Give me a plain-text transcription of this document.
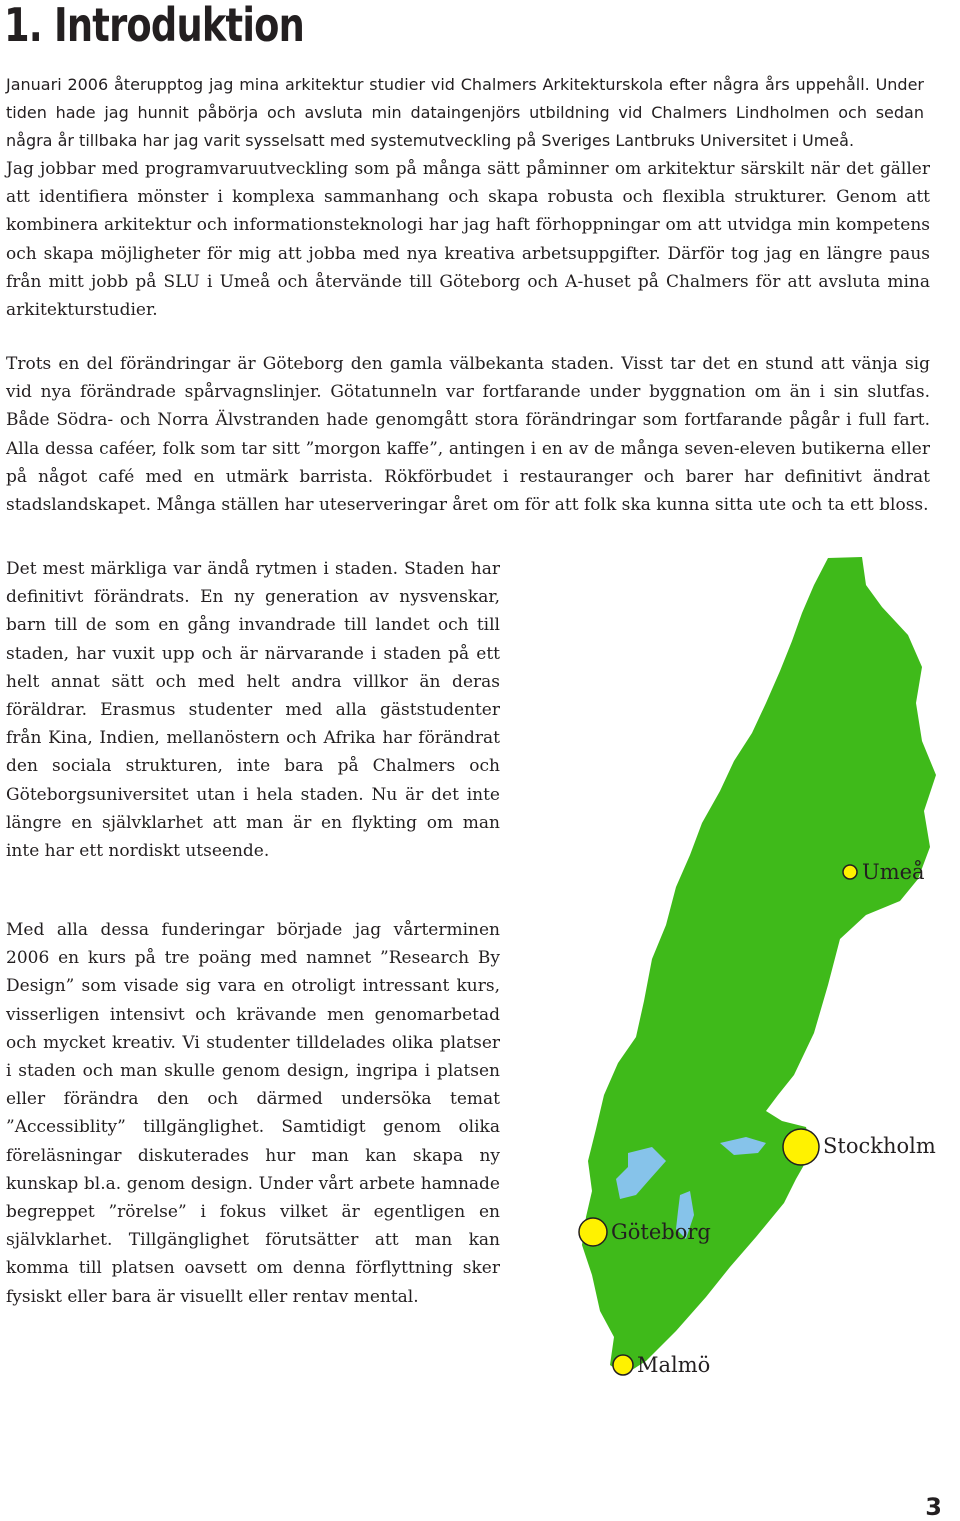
1. Introduktion

Januari 2006 återupptog jag mina arkitektur studier vid Chalmers Arkitekturskola efter några års uppehåll. Under tiden hade jag hunnit påbörja och avsluta min dataingenjörs utbildning vid Chalmers Lindholmen och sedan några år tillbaka har jag varit sysselsatt med systemutveckling på Sveriges Lantbruks Universitet i Umeå.

Jag jobbar med programvaruutveckling som på många sätt påminner om arkitektur särskilt när det gäller att identifiera mönster i komplexa sammanhang och skapa robusta och flexibla strukturer. Genom att kombinera arkitektur och informationsteknologi har jag haft förhoppningar om att utvidga min kompetens och skapa möjligheter för mig att jobba med nya kreativa arbetsuppgifter. Därför tog jag en längre paus från mitt jobb på SLU i Umeå och återvände till Göteborg och A-huset på Chalmers för att avsluta mina arkitekturstudier.

Trots en del förändringar är Göteborg den gamla välbekanta staden. Visst tar det en stund att vänja sig vid nya förändrade spårvagnslinjer. Götatunneln var fortfarande under byggnation om än i sin slutfas. Både Södra- och Norra Älvstranden hade genomgått stora förändringar som fortfarande pågår i full fart. Alla dessa caféer, folk som tar sitt ”morgon kaffe”, antingen i en av de många seven-eleven butikerna eller på något café med en utmärk barrista. Rökförbudet i restauranger och barer har definitivt ändrat stadslandskapet. Många ställen har uteserveringar året om för att folk ska kunna sitta ute och ta ett bloss.

Det mest märkliga var ändå rytmen i staden. Staden har definitivt förändrats. En ny generation av nysvenskar, barn till de som en gång invandrade till landet och till staden, har vuxit upp och är närvarande i staden på ett helt annat sätt och med helt andra villkor än deras föräldrar. Erasmus studenter med alla gäststudenter från Kina, Indien, mellanöstern och Afrika har förändrat den sociala strukturen, inte bara på Chalmers och Göteborgsuniversitet utan i hela staden. Nu är det inte längre en självklarhet att man är en flykting om man inte har ett nordiskt utseende.

Med alla dessa funderingar började jag vårterminen 2006 en kurs på tre poäng med namnet ”Research By Design” som visade sig vara en otroligt intressant kurs, visserligen intensivt och krävande men genomarbetad och mycket kreativ. Vi studenter tilldelades olika platser i staden och man skulle genom design, ingripa i platsen eller förändra den och därmed undersöka temat ”Accessiblity” tillgänglighet. Samtidigt genom olika föreläsningar diskuterades hur man kan skapa ny kunskap bl.a. genom design. Under vårt arbete hamnade begreppet ”rörelse” i fokus vilket är egentligen en självklarhet. Tillgänglighet förutsätter att man kan komma till platsen oavsett om denna förflyttning sker fysiskt eller bara är visuellt eller rentav mental.

Umeå
Stockholm
Göteborg
Malmö

3
